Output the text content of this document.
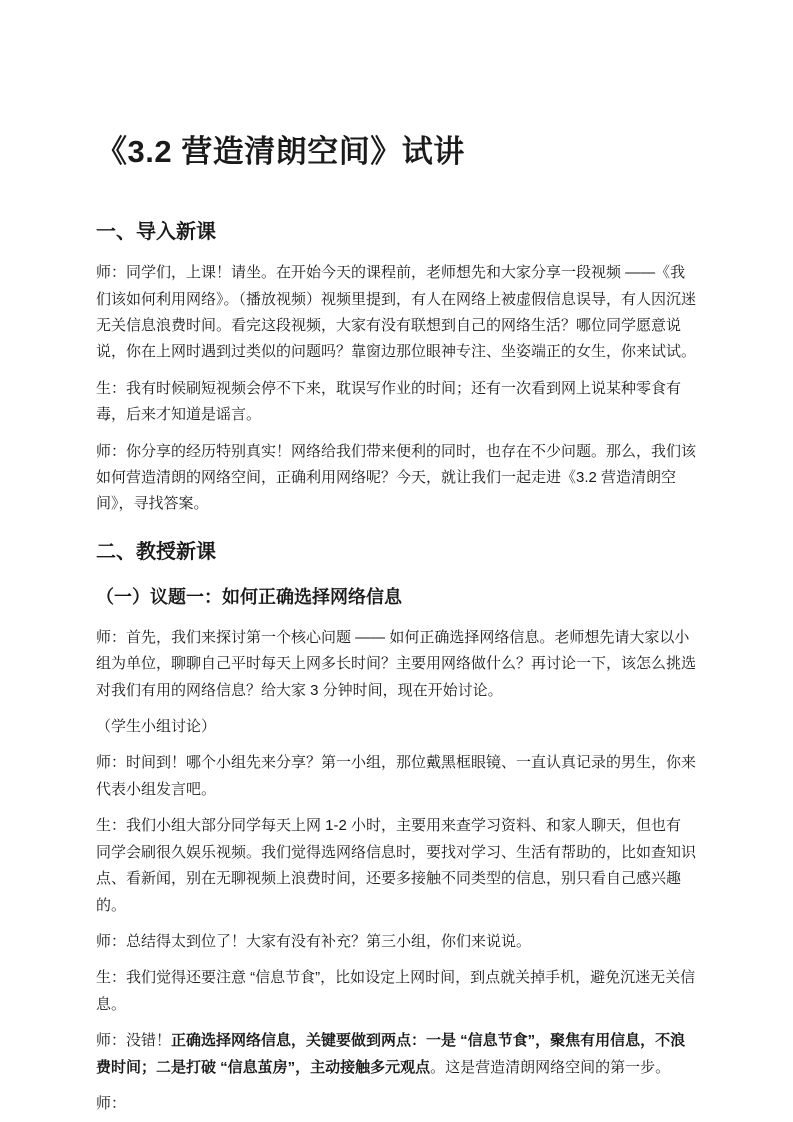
《3.2 营造清朗空间》试讲
一、导入新课

师：同学们，上课！请坐。在开始今天的课程前，老师想先和大家分享一段视频 ——《我们该如何利用网络》。（播放视频）视频里提到，有人在网络上被虚假信息误导，有人因沉迷无关信息浪费时间。看完这段视频，大家有没有联想到自己的网络生活？哪位同学愿意说说，你在上网时遇到过类似的问题吗？靠窗边那位眼神专注、坐姿端正的女生，你来试试。

生：我有时候刷短视频会停不下来，耽误写作业的时间；还有一次看到网上说某种零食有毒，后来才知道是谣言。

师：你分享的经历特别真实！网络给我们带来便利的同时，也存在不少问题。那么，我们该如何营造清朗的网络空间，正确利用网络呢？今天，就让我们一起走进《3.2 营造清朗空间》，寻找答案。

二、教授新课
（一）议题一：如何正确选择网络信息

师：首先，我们来探讨第一个核心问题 —— 如何正确选择网络信息。老师想先请大家以小组为单位，聊聊自己平时每天上网多长时间？主要用网络做什么？再讨论一下，该怎么挑选对我们有用的网络信息？给大家 3 分钟时间，现在开始讨论。

（学生小组讨论）

师：时间到！哪个小组先来分享？第一小组，那位戴黑框眼镜、一直认真记录的男生，你来代表小组发言吧。

生：我们小组大部分同学每天上网 1-2 小时，主要用来查学习资料、和家人聊天，但也有同学会刷很久娱乐视频。我们觉得选网络信息时，要找对学习、生活有帮助的，比如查知识点、看新闻，别在无聊视频上浪费时间，还要多接触不同类型的信息，别只看自己感兴趣的。

师：总结得太到位了！大家有没有补充？第三小组，你们来说说。

生：我们觉得还要注意 “信息节食”，比如设定上网时间，到点就关掉手机，避免沉迷无关信息。

师：没错！正确选择网络信息，关键要做到两点：一是 “信息节食”，聚焦有用信息，不浪费时间；二是打破 “信息茧房”，主动接触多元观点。这是营造清朗网络空间的第一步。

师：
